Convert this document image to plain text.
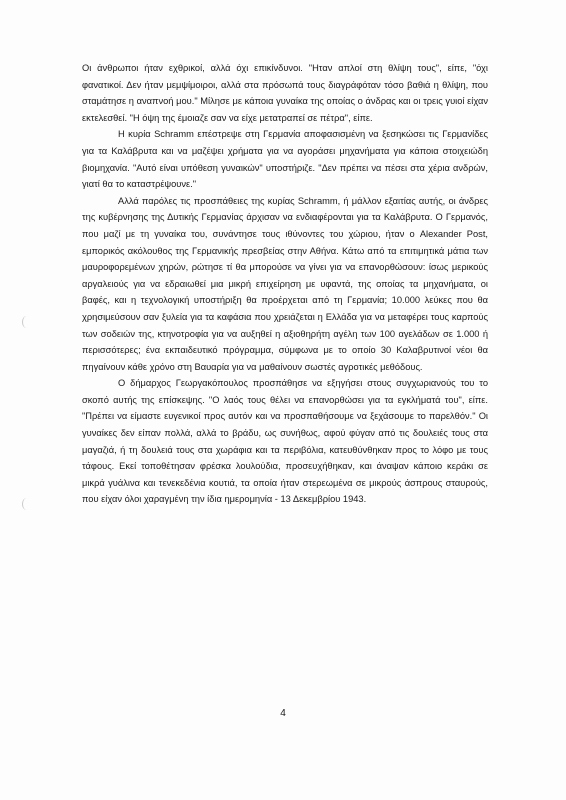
Οι άνθρωποι ήταν εχθρικοί, αλλά όχι επικίνδυνοι. "Ηταν απλοί στη θλίψη τους", είπε, "όχι φανατικοί. Δεν ήταν μεμψίμοιροι, αλλά στα πρόσωπά τους διαγράφόταν τόσο βαθιά η θλίψη, που σταμάτησε η αναπνοή μου." Μίλησε με κάποια γυναίκα της οποίας ο άνδρας και οι τρεις γυιοί είχαν εκτελεσθεί. "Η όψη της έμοιαζε σαν να είχε μετατραπεί σε πέτρα", είπε.

Η κυρία Schramm επέστρεψε στη Γερμανία αποφασισμένη να ξεσηκώσει τις Γερμανίδες για τα Καλάβρυτα και να μαζέψει χρήματα για να αγοράσει μηχανήματα για κάποια στοιχειώδη βιομηχανία. "Αυτό είναι υπόθεση γυναικών" υποστήριζε. "Δεν πρέπει να πέσει στα χέρια ανδρών, γιατί θα το καταστρέψουνε."

Αλλά παρόλες τις προσπάθειες της κυρίας Schramm, ή μάλλον εξαιτίας αυτής, οι άνδρες της κυβέρνησης της Δυτικής Γερμανίας άρχισαν να ενδιαφέρονται για τα Καλάβρυτα. Ο Γερμανός, που μαζί με τη γυναίκα του, συνάντησε τους ιθύνοντες του χώριου, ήταν ο Alexander Post, εμπορικός ακόλουθος της Γερμανικής πρεσβείας στην Αθήνα. Κάτω από τα επιτιμητικά μάτια των μαυροφορεμένων χηρών, ρώτησε τί θα μπορούσε να γίνει για να επανορθώσουν: ίσως μερικούς αργαλειούς για να εδραιωθεί μια μικρή επιχείρηση με υφαντά, της οποίας τα μηχανήματα, οι βαφές, και η τεχνολογική υποστήριξη θα προέρχεται από τη Γερμανία; 10.000 λεύκες που θα χρησιμεύσουν σαν ξυλεία για τα καφάσια που χρειάζεται η Ελλάδα για να μεταφέρει τους καρπούς των σοδειών της, κτηνοτροφία για να αυξηθεί η αξιοθηρήτη αγέλη των 100 αγελάδων σε 1.000 ή περισσότερες; ένα εκπαιδευτικό πρόγραμμα, σύμφωνα με το οποίο 30 Καλαβρυτινοί νέοι θα πηγαίνουν κάθε χρόνο στη Βαυαρία για να μαθαίνουν σωστές αγροτικές μεθόδους.

Ο δήμαρχος Γεωργακόπουλος προσπάθησε να εξηγήσει στους συγχωριανούς του το σκοπό αυτής της επίσκεψης. "Ο λαός τους θέλει να επανορθώσει για τα εγκλήματά του", είπε. "Πρέπει να είμαστε ευγενικοί προς αυτόν και να προσπαθήσουμε να ξεχάσουμε το παρελθόν." Οι γυναίκες δεν είπαν πολλά, αλλά το βράδυ, ως συνήθως, αφού φύγαν από τις δουλειές τους στα μαγαζιά, ή τη δουλειά τους στα χωράφια και τα περιβόλια, κατευθύνθηκαν προς το λόφο με τους τάφους. Εκεί τοποθέτησαν φρέσκα λουλούδια, προσευχήθηκαν, και άναψαν κάποιο κεράκι σε μικρά γυάλινα και τενεκεδένια κουτιά, τα οποία ήταν στερεωμένα σε μικρούς άσπρους σταυρούς, που είχαν όλοι χαραγμένη την ίδια ημερομηνία - 13 Δεκεμβρίου 1943.

4
